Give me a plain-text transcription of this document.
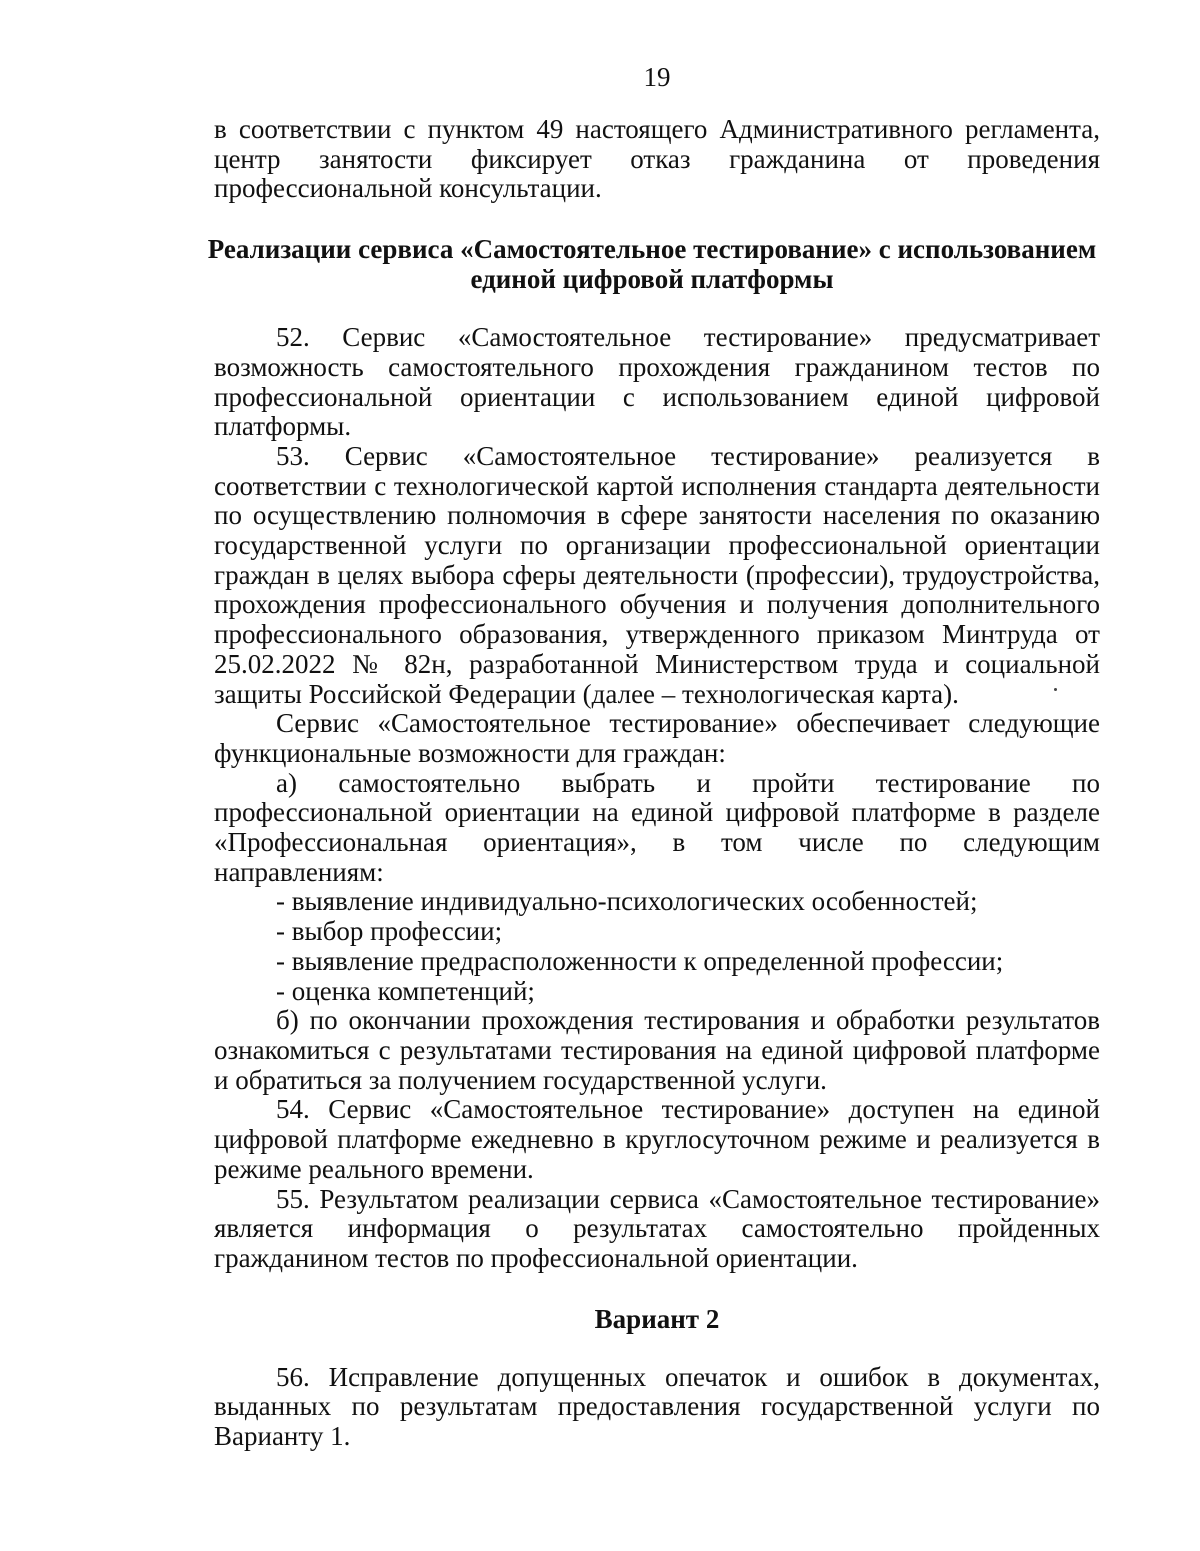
19

в соответствии с пунктом 49 настоящего Административного регламента, центр занятости фиксирует отказ гражданина от проведения профессиональной консультации.

Реализации сервиса «Самостоятельное тестирование» с использованием
единой цифровой платформы

52. Сервис «Самостоятельное тестирование» предусматривает возможность самостоятельного прохождения гражданином тестов по профессиональной ориентации с использованием единой цифровой платформы.

53. Сервис «Самостоятельное тестирование» реализуется в соответствии с технологической картой исполнения стандарта деятельности по осуществлению полномочия в сфере занятости населения по оказанию государственной услуги по организации профессиональной ориентации граждан в целях выбора сферы деятельности (профессии), трудоустройства, прохождения профессионального обучения и получения дополнительного профессионального образования, утвержденного приказом Минтруда от 25.02.2022 № 82н, разработанной Министерством труда и социальной защиты Российской Федерации (далее – технологическая карта).

Сервис «Самостоятельное тестирование» обеспечивает следующие функциональные возможности для граждан:

а) самостоятельно выбрать и пройти тестирование по профессиональной ориентации на единой цифровой платформе в разделе «Профессиональная ориентация», в том числе по следующим направлениям:

- выявление индивидуально-психологических особенностей;

- выбор профессии;

- выявление предрасположенности к определенной профессии;

- оценка компетенций;

б) по окончании прохождения тестирования и обработки результатов ознакомиться с результатами тестирования на единой цифровой платформе и обратиться за получением государственной услуги.

54. Сервис «Самостоятельное тестирование» доступен на единой цифровой платформе ежедневно в круглосуточном режиме и реализуется в режиме реального времени.

55. Результатом реализации сервиса «Самостоятельное тестирование» является информация о результатах самостоятельно пройденных гражданином тестов по профессиональной ориентации.

Вариант 2

56. Исправление допущенных опечаток и ошибок в документах, выданных по результатам предоставления государственной услуги по Варианту 1.
